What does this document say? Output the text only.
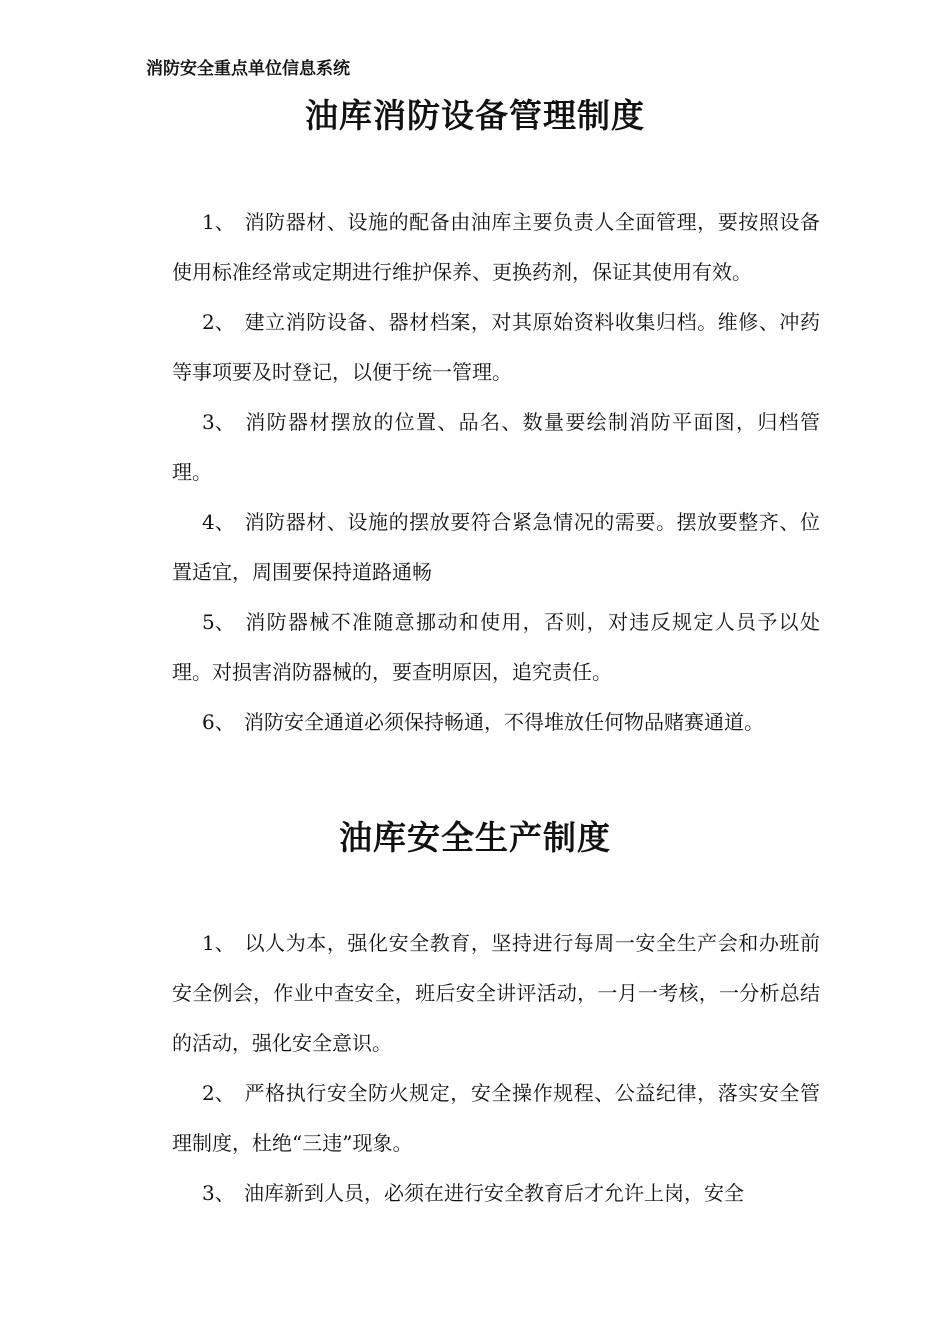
消防安全重点单位信息系统
油库消防设备管理制度

1、 消防器材、设施的配备由油库主要负责人全面管理，要按照设备使用标准经常或定期进行维护保养、更换药剂，保证其使用有效。

2、 建立消防设备、器材档案，对其原始资料收集归档。维修、冲药等事项要及时登记，以便于统一管理。

3、 消防器材摆放的位置、品名、数量要绘制消防平面图，归档管理。

4、 消防器材、设施的摆放要符合紧急情况的需要。摆放要整齐、位置适宜，周围要保持道路通畅

5、 消防器械不准随意挪动和使用，否则，对违反规定人员予以处理。对损害消防器械的，要查明原因，追究责任。

6、 消防安全通道必须保持畅通，不得堆放任何物品赌赛通道。

油库安全生产制度

1、 以人为本，强化安全教育，坚持进行每周一安全生产会和办班前安全例会，作业中查安全，班后安全讲评活动，一月一考核，一分析总结的活动，强化安全意识。

2、 严格执行安全防火规定，安全操作规程、公益纪律，落实安全管理制度，杜绝“三违”现象。

3、 油库新到人员，必须在进行安全教育后才允许上岗，安全
